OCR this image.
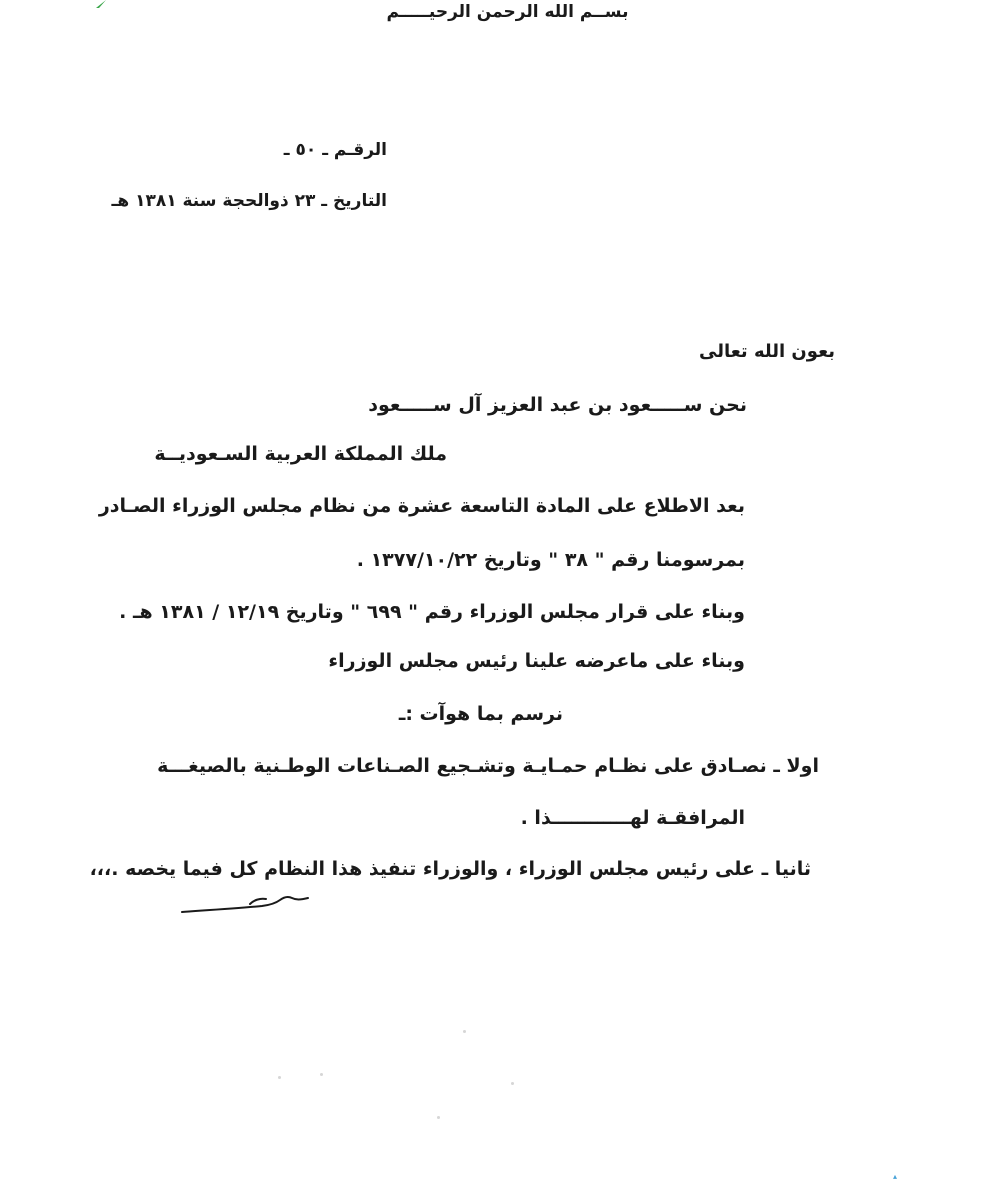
بســم الله الرحمن الرحيـــــم
الرقـم ـ ٥٠ ـ
التاريخ ـ ٢٣ ذوالحجة سنة ١٣٨١ هـ
بعون الله تعالى
نحن ســـــعود بن عبد العزيز آل ســـــعود
ملك المملكة العربية السـعوديــة
بعد الاطلاع على المادة التاسعة عشرة من نظام مجلس الوزراء الصـادر
بمرسومنا رقم " ٣٨ " وتاريخ ١٣٧٧/١٠/٢٢ .
وبناء على قرار مجلس الوزراء رقم " ٦٩٩ " وتاريخ ١٢/١٩ / ١٣٨١ هـ .
وبناء على ماعرضه علينا رئيس مجلس الوزراء
نرسم بما هوآت :ـ
اولا ـ نصـادق على نظـام حمـايـة وتشـجيع الصـناعات الوطـنية بالصيغـــة
المرافقـة لهــــــــــــذا .
ثانيا ـ على رئيس مجلس الوزراء ، والوزراء تنفيذ هذا النظام كل فيما يخصه .،،،
▴
